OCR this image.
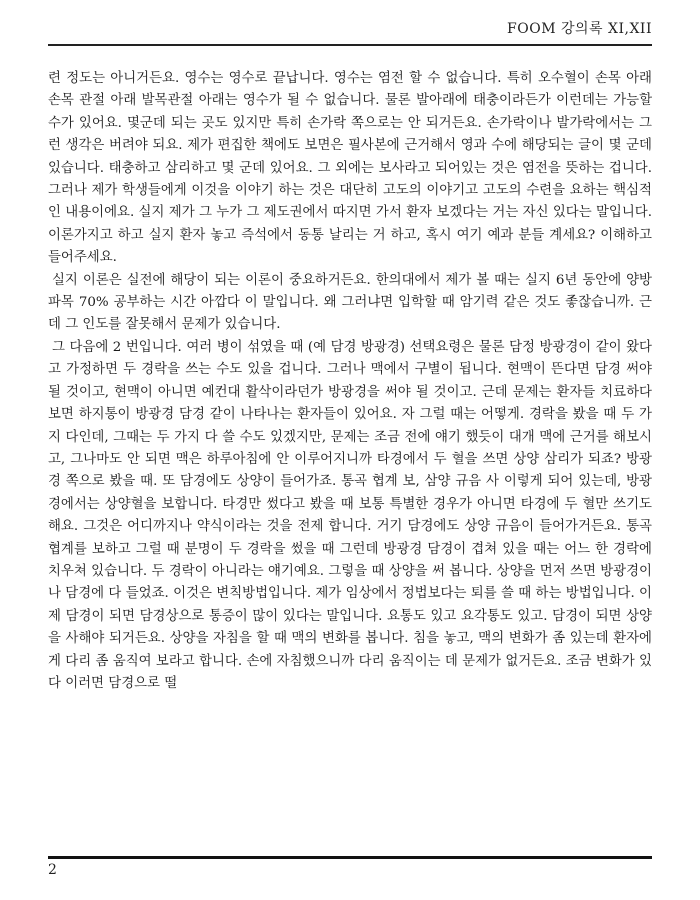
FOOM 강의록 XI,XII

련 정도는 아니거든요. 영수는 영수로 끝납니다. 영수는 염전 할 수 없습니다. 특히 오수혈이 손목 아래 손목 관절 아래 발목관절 아래는 영수가 될 수 없습니다. 물론 발아래에 태충이라든가 이런데는 가능할 수가 있어요. 몇군데 되는 곳도 있지만 특히 손가락 쪽으로는 안 되거든요. 손가락이나 발가락에서는 그런 생각은 버려야 되요. 제가 편집한 책에도 보면은 필사본에 근거해서 영과 수에 해당되는 글이 몇 군데 있습니다. 태충하고 삼리하고 몇 군데 있어요. 그 외에는 보사라고 되어있는 것은 염전을 뜻하는 겁니다. 그러나 제가 학생들에게 이것을 이야기 하는 것은 대단히 고도의 이야기고 고도의 수련을 요하는 핵심적인 내용이에요. 실지 제가 그 누가 그 제도권에서 따지면 가서 환자 보겠다는 거는 자신 있다는 말입니다. 이론가지고 하고 실지 환자 놓고 즉석에서 동통 날리는 거 하고, 혹시 여기 예과 분들 계세요? 이해하고 들어주세요.

실지 이론은 실전에 해당이 되는 이론이 중요하거든요. 한의대에서 제가 볼 때는 실지 6년 동안에 양방 파목 70% 공부하는 시간 아깝다 이 말입니다. 왜 그러냐면 입학할 때 암기력 같은 것도 좋잖습니까. 근데 그 인도를 잘못해서 문제가 있습니다.

그 다음에 2 번입니다. 여러 병이 섞였을 때 (예 담경 방광경) 선택요령은 물론 담정 방광경이 같이 왔다고 가정하면 두 경락을 쓰는 수도 있을 겁니다. 그러나 맥에서 구별이 됩니다. 현맥이 뜬다면 담경 써야 될 것이고, 현맥이 아니면 예컨대 활삭이라던가 방광경을 써야 될 것이고. 근데 문제는 환자들 치료하다 보면 하지통이 방광경 담경 같이 나타나는 환자들이 있어요. 자 그럴 때는 어떻게. 경락을 봤을 때 두 가지 다인데, 그때는 두 가지 다 쓸 수도 있겠지만, 문제는 조금 전에 얘기 했듯이 대개 맥에 근거를 해보시고, 그나마도 안 되면 맥은 하루아침에 안 이루어지니까 타경에서 두 혈을 쓰면 상양 삼리가 되죠? 방광경 쪽으로 봤을 때. 또 담경에도 상양이 들어가죠. 통곡 협계 보, 삼양 규음 사 이렇게 되어 있는데, 방광경에서는 상양혈을 보합니다. 타경만 썼다고 봤을 때 보통 특별한 경우가 아니면 타경에 두 혈만 쓰기도 해요. 그것은 어디까지나 약식이라는 것을 전제 합니다. 거기 담경에도 상양 규음이 들어가거든요. 통곡 협계를 보하고 그럴 때 분명이 두 경락을 썼을 때 그런데 방광경 담경이 겹쳐 있을 때는 어느 한 경락에 치우쳐 있습니다. 두 경락이 아니라는 얘기예요. 그렇을 때 상양을 써 봅니다. 상양을 먼저 쓰면 방광경이나 담경에 다 들었죠. 이것은 변칙방법입니다. 제가 임상에서 정법보다는 퇴를 쓸 때 하는 방법입니다. 이제 담경이 되면 담경상으로 통증이 많이 있다는 말입니다. 요통도 있고 요각통도 있고. 담경이 되면 상양을 사해야 되거든요. 상양을 자침을 할 때 맥의 변화를 봅니다. 침을 놓고, 맥의 변화가 좀 있는데 환자에게 다리 좀 움직여 보라고 합니다. 손에 자침했으니까 다리 움직이는 데 문제가 없거든요. 조금 변화가 있다 이러면 담경으로 떨

2
